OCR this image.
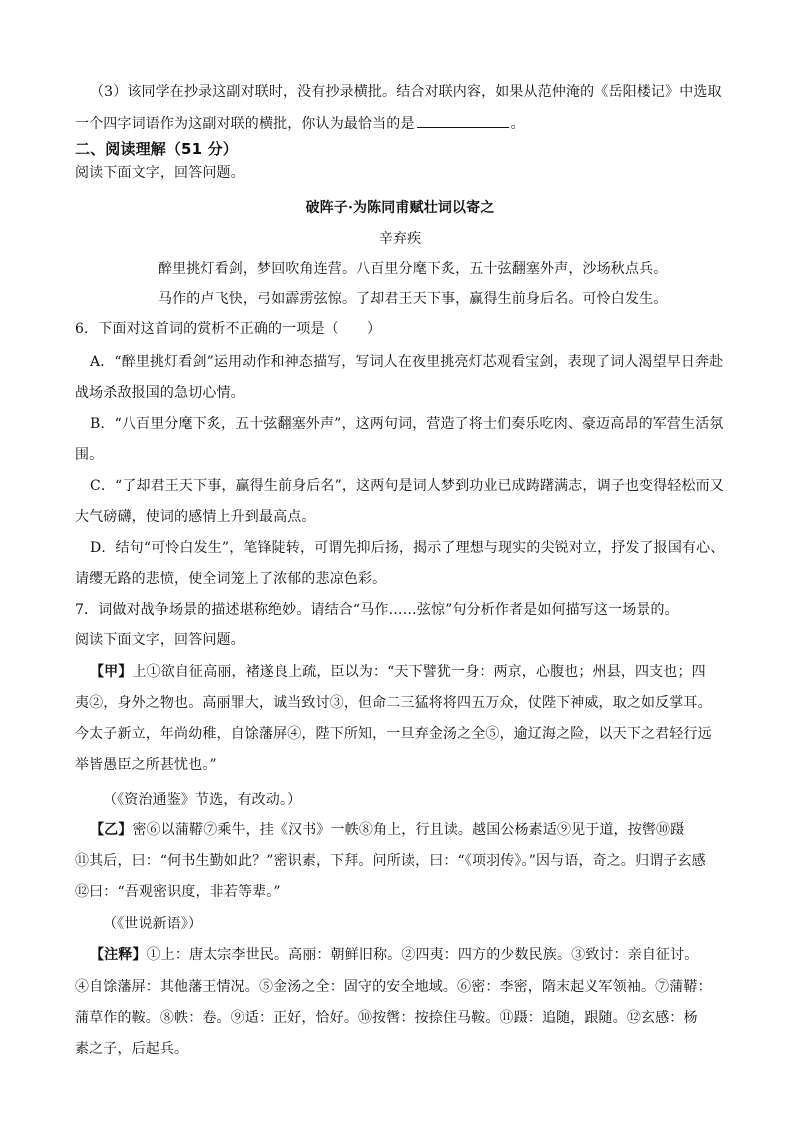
（3）该同学在抄录这副对联时，没有抄录横批。结合对联内容，如果从范仲淹的《岳阳楼记》中选取
一个四字词语作为这副对联的横批，你认为最恰当的是	。
二、阅读理解（51 分）
阅读下面文字，回答问题。
破阵子·为陈同甫赋壮词以寄之
辛弃疾
醉里挑灯看剑，梦回吹角连营。八百里分麾下炙，五十弦翻塞外声，沙场秋点兵。
马作的卢飞快，弓如霹雳弦惊。了却君王天下事，赢得生前身后名。可怜白发生。
6．下面对这首词的赏析不正确的一项是（　　）
A．“醉里挑灯看剑”运用动作和神态描写，写词人在夜里挑亮灯芯观看宝剑，表现了词人渴望早日奔赴
战场杀敌报国的急切心情。
B．“八百里分麾下炙，五十弦翻塞外声”，这两句词，营造了将士们奏乐吃肉、豪迈高昂的军营生活氛
围。
C．“了却君王天下事，赢得生前身后名”，这两句是词人梦到功业已成踌躇满志，调子也变得轻松而又
大气磅礴，使词的感情上升到最高点。
D．结句“可怜白发生”，笔锋陡转，可谓先抑后扬，揭示了理想与现实的尖锐对立，抒发了报国有心、
请缨无路的悲愤，使全词笼上了浓郁的悲凉色彩。
7．词做对战争场景的描述堪称绝妙。请结合“马作……弦惊”句分析作者是如何描写这一场景的。
阅读下面文字，回答问题。
【甲】上①欲自征高丽，褚遂良上疏，臣以为：“天下譬犹一身：两京，心腹也；州县，四支也；四
夷②，身外之物也。高丽罪大，诚当致讨③，但命二三猛将将四五万众，仗陛下神威，取之如反掌耳。
今太子新立，年尚幼稚，自馀藩屏④，陛下所知，一旦弃金汤之全⑤，逾辽海之险，以天下之君轻行远
举皆愚臣之所甚忧也。”
（《资治通鉴》节选，有改动。）
【乙】密⑥以蒲鞯⑦乘牛，挂《汉书》一帙⑧角上，行且读。越国公杨素适⑨见于道，按辔⑩蹑
⑪其后，曰：“何书生勤如此？”密识素，下拜。问所读，曰：“《项羽传》。”因与语，奇之。归谓子玄感
⑫曰：“吾观密识度，非若等辈。”
（《世说新语》）
【注释】①上：唐太宗李世民。高丽：朝鲜旧称。②四夷：四方的少数民族。③致讨：亲自征讨。
④自馀藩屏：其他藩王情况。⑤金汤之全：固守的安全地域。⑥密：李密，隋末起义军领袖。⑦蒲鞯：
蒲草作的鞍。⑧帙：卷。⑨适：正好，恰好。⑩按辔：按捺住马鞍。⑪蹑：追随，跟随。⑫玄感：杨
素之子，后起兵。
